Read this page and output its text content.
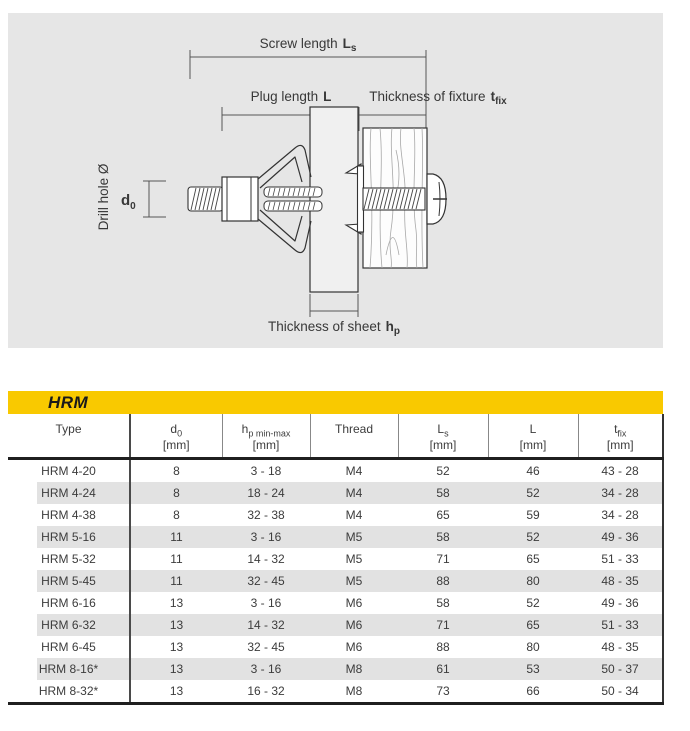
Screw length $L_s$
Plug length L	Thickness of fixture $t_{fix}$
Thickness of sheet $h_p$
Drill hole Ø $d_0$
HRM
Type	$d_0$	$h_{p min-max}$	Thread	$L_s$	L	$t_{fix}$
	[mm]	[mm]		[mm]	[mm]	[mm]
HRM 4-20	8	3 - 18	M4	52	46	43 - 28
HRM 4-24	8	18 - 24	M4	58	52	34 - 28
HRM 4-38	8	32 - 38	M4	65	59	34 - 28
HRM 5-16	11	3 - 16	M5	58	52	49 - 36
HRM 5-32	11	14 - 32	M5	71	65	51 - 33
HRM 5-45	11	32 - 45	M5	88	80	48 - 35
HRM 6-16	13	3 - 16	M6	58	52	49 - 36
HRM 6-32	13	14 - 32	M6	71	65	51 - 33
HRM 6-45	13	32 - 45	M6	88	80	48 - 35
HRM 8-16*	13	3 - 16	M8	61	53	50 - 37
HRM 8-32*	13	16 - 32	M8	73	66	50 - 34
